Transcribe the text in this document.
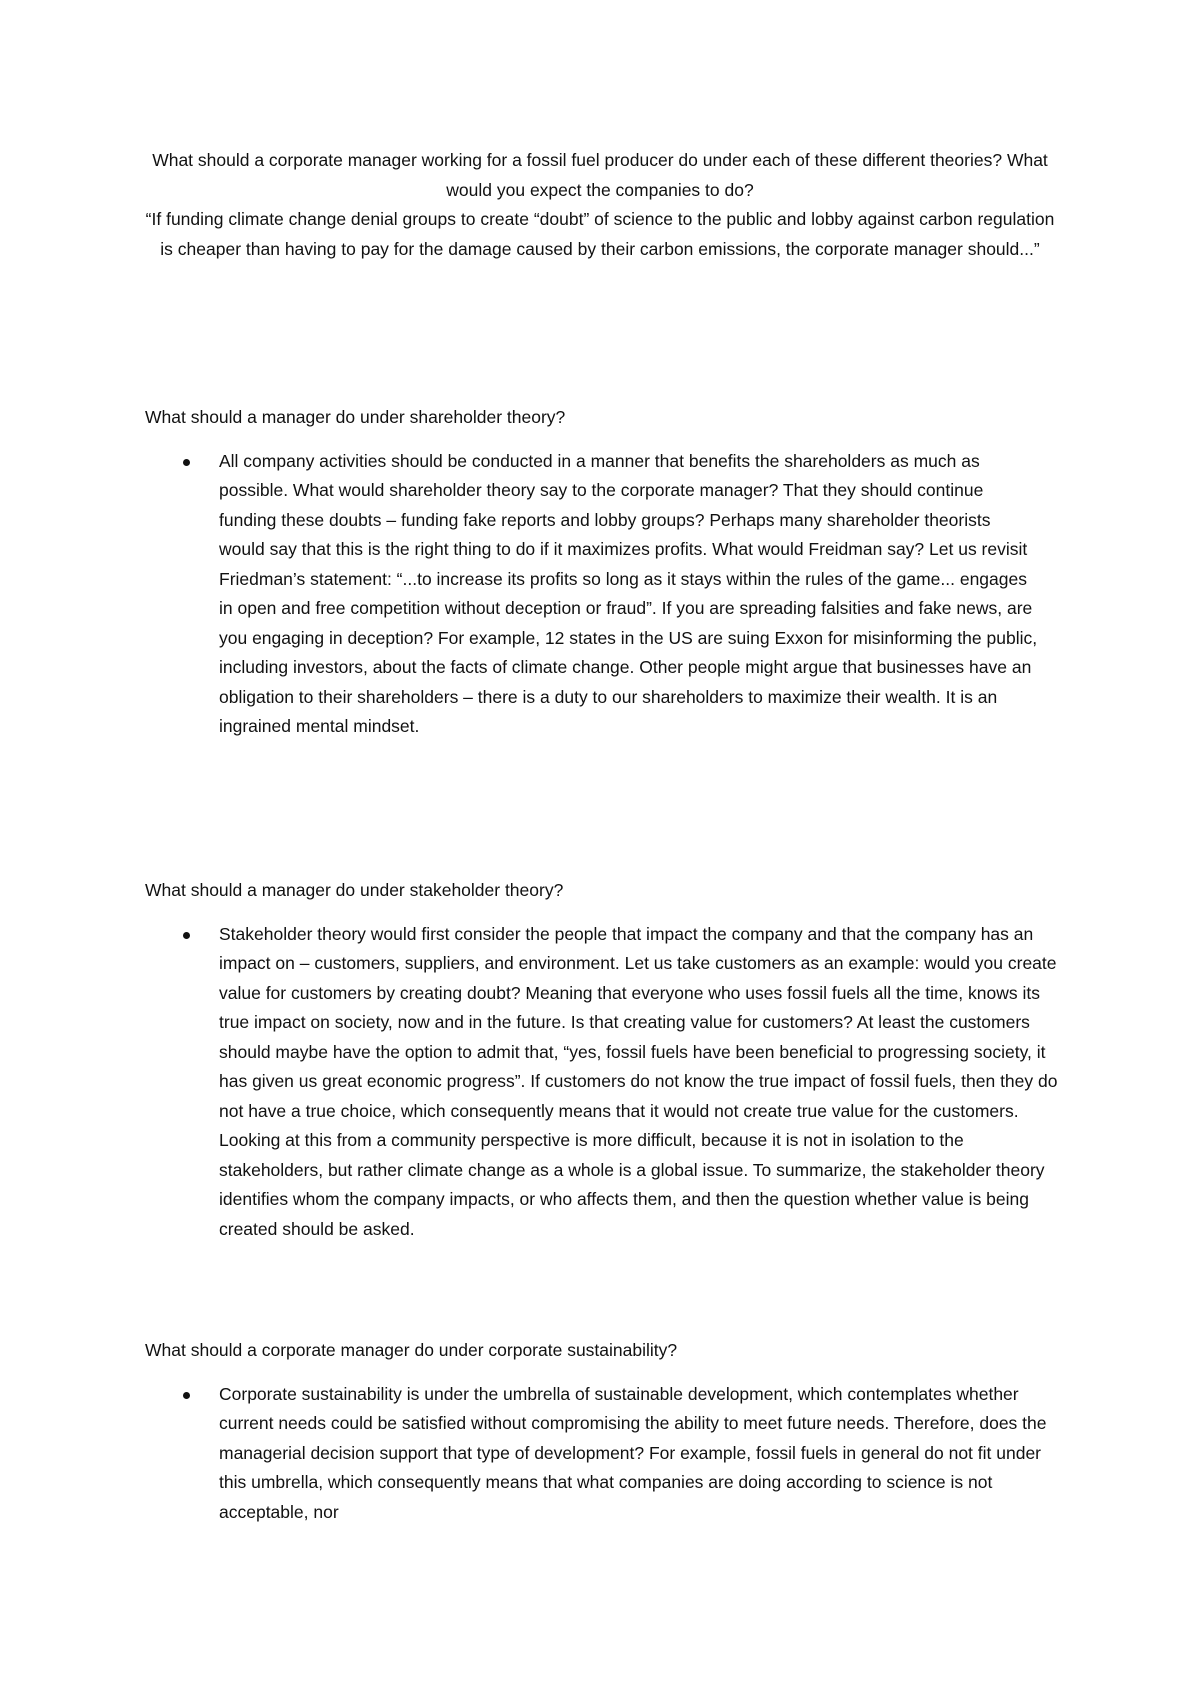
What should a corporate manager working for a fossil fuel producer do under each of these different theories? What would you expect the companies to do?

“If funding climate change denial groups to create “doubt” of science to the public and lobby against carbon regulation is cheaper than having to pay for the damage caused by their carbon emissions, the corporate manager should...”

What should a manager do under shareholder theory?

All company activities should be conducted in a manner that benefits the shareholders as much as possible. What would shareholder theory say to the corporate manager? That they should continue funding these doubts – funding fake reports and lobby groups? Perhaps many shareholder theorists would say that this is the right thing to do if it maximizes profits. What would Freidman say? Let us revisit Friedman’s statement: “...to increase its profits so long as it stays within the rules of the game... engages in open and free competition without deception or fraud”. If you are spreading falsities and fake news, are you engaging in deception? For example, 12 states in the US are suing Exxon for misinforming the public, including investors, about the facts of climate change. Other people might argue that businesses have an obligation to their shareholders – there is a duty to our shareholders to maximize their wealth. It is an ingrained mental mindset.

What should a manager do under stakeholder theory?

Stakeholder theory would first consider the people that impact the company and that the company has an impact on – customers, suppliers, and environment. Let us take customers as an example: would you create value for customers by creating doubt? Meaning that everyone who uses fossil fuels all the time, knows its true impact on society, now and in the future. Is that creating value for customers? At least the customers should maybe have the option to admit that, “yes, fossil fuels have been beneficial to progressing society, it has given us great economic progress”. If customers do not know the true impact of fossil fuels, then they do not have a true choice, which consequently means that it would not create true value for the customers. Looking at this from a community perspective is more difficult, because it is not in isolation to the stakeholders, but rather climate change as a whole is a global issue. To summarize, the stakeholder theory identifies whom the company impacts, or who affects them, and then the question whether value is being created should be asked.

What should a corporate manager do under corporate sustainability?

Corporate sustainability is under the umbrella of sustainable development, which contemplates whether current needs could be satisfied without compromising the ability to meet future needs. Therefore, does the managerial decision support that type of development? For example, fossil fuels in general do not fit under this umbrella, which consequently means that what companies are doing according to science is not acceptable, nor
